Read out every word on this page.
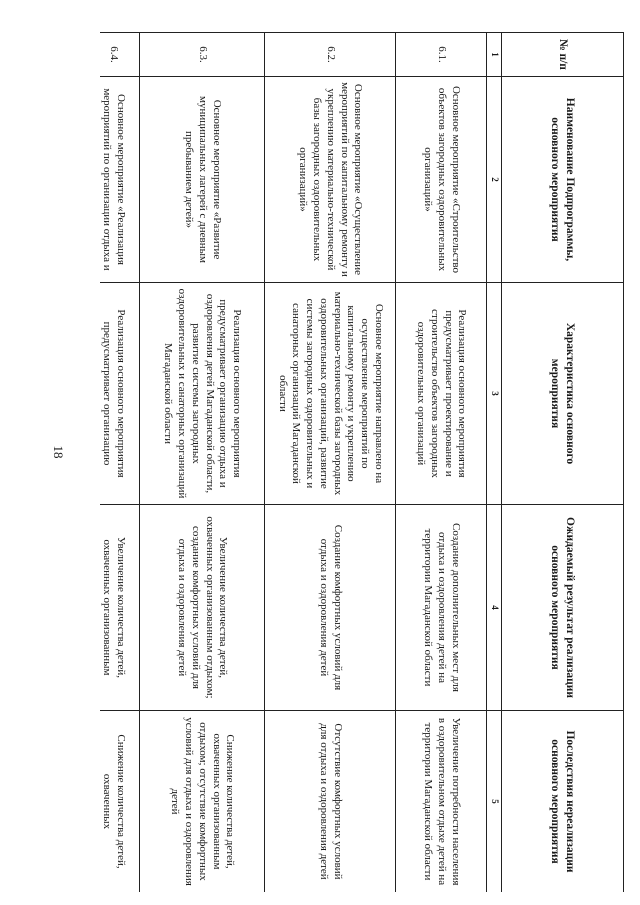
18
№ п/п	Наименование Подпрограммы, основного мероприятия	Характеристика основного мероприятия	Ожидаемый результат реализации основного мероприятия	Последствия нереализации основного мероприятия
1	2	3	4	5
6.1.	Основное мероприятие «Строительство объектов загородных оздоровительных организаций»	Реализация основного мероприятия предусматривает проектирование и строительство объектов загородных оздоровительных организаций	Создание дополнительных мест для отдыха и оздоровления детей на территории Магаданской области	Увеличение потребности населения в оздоровительном отдыхе детей на территории Магаданской области
6.2.	Основное мероприятие «Осуществление мероприятий по капитальному ремонту и укреплению материально-технической базы загородных оздоровительных организаций»	Основное мероприятие направлено на осуществление мероприятий по капитальному ремонту и укреплению материально-технической базы загородных оздоровительных организаций, развитие системы загородных оздоровительных и санаторных организаций Магаданской области	Создание комфортных условий для отдыха и оздоровления детей	Отсутствие комфортных условий для отдыха и оздоровления детей
6.3.	Основное мероприятие «Развитие муниципальных лагерей с дневным пребыванием детей»	Реализация основного мероприятия предусматривает организацию отдыха и оздоровления детей Магаданской области, развитие системы загородных оздоровительных и санаторных организаций Магаданской области	Увеличение количества детей, охваченных организованным отдыхом; создание комфортных условий для отдыха и оздоровления детей	Снижение количества детей, охваченных организованным отдыхом; отсутствие комфортных условий для отдыха и оздоровления детей
6.4.	Основное мероприятие «Реализация мероприятий по организации отдыха и	Реализация основного мероприятия предусматривает организацию	Увеличение количества детей, охваченных организованным	Снижение количества детей, охваченных
